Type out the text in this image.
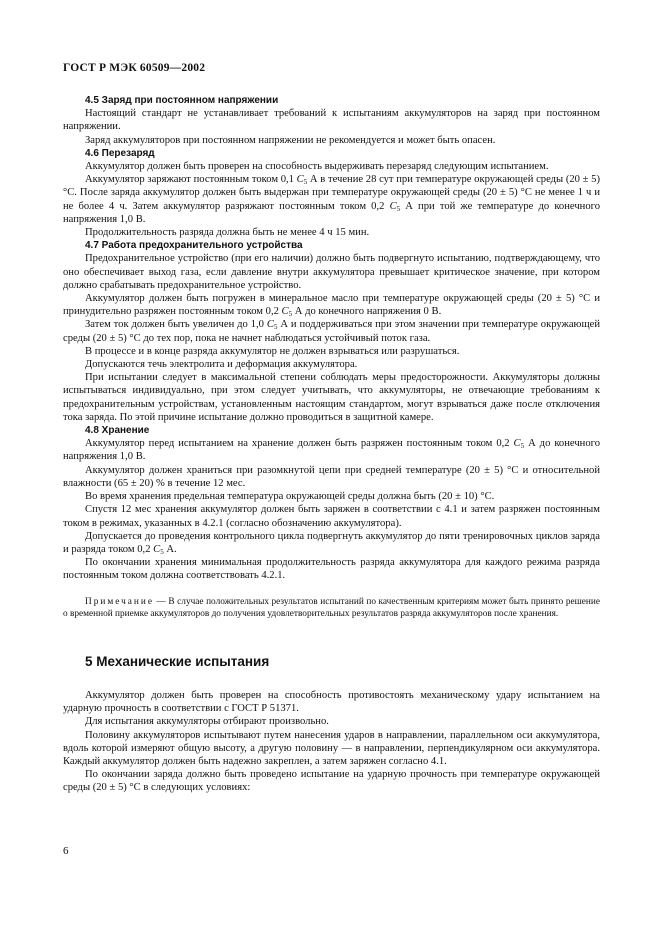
ГОСТ Р МЭК 60509—2002
4.5 Заряд при постоянном напряжении

Настоящий стандарт не устанавливает требований к испытаниям аккумуляторов на заряд при постоянном напряжении.

Заряд аккумуляторов при постоянном напряжении не рекомендуется и может быть опасен.

4.6 Перезаряд

Аккумулятор должен быть проверен на способность выдерживать перезаряд следующим испытанием.

Аккумулятор заряжают постоянным током 0,1 $C_5$ А в течение 28 сут при температуре окружающей среды (20 ± 5) °С. После заряда аккумулятор должен быть выдержан при температуре окружающей среды (20 ± 5) °С не менее 1 ч и не более 4 ч. Затем аккумулятор разряжают постоянным током 0,2 $C_5$ А при той же температуре до конечного напряжения 1,0 В.

Продолжительность разряда должна быть не менее 4 ч 15 мин.

4.7 Работа предохранительного устройства

Предохранительное устройство (при его наличии) должно быть подвергнуто испытанию, подтверждающему, что оно обеспечивает выход газа, если давление внутри аккумулятора превышает критическое значение, при котором должно срабатывать предохранительное устройство.

Аккумулятор должен быть погружен в минеральное масло при температуре окружающей среды (20 ± 5) °С и принудительно разряжен постоянным током 0,2 $C_5$ А до конечного напряжения 0 В.

Затем ток должен быть увеличен до 1,0 $C_5$ А и поддерживаться при этом значении при температуре окружающей среды (20 ± 5) °С до тех пор, пока не начнет наблюдаться устойчивый поток газа.

В процессе и в конце разряда аккумулятор не должен взрываться или разрушаться.

Допускаются течь электролита и деформация аккумулятора.

При испытании следует в максимальной степени соблюдать меры предосторожности. Аккумуляторы должны испытываться индивидуально, при этом следует учитывать, что аккумуляторы, не отвечающие требованиям к предохранительным устройствам, установленным настоящим стандартом, могут взрываться даже после отключения тока заряда. По этой причине испытание должно проводиться в защитной камере.

4.8 Хранение

Аккумулятор перед испытанием на хранение должен быть разряжен постоянным током 0,2 $C_5$ А до конечного напряжения 1,0 В.

Аккумулятор должен храниться при разомкнутой цепи при средней температуре (20 ± 5) °С и относительной влажности (65 ± 20) % в течение 12 мес.

Во время хранения предельная температура окружающей среды должна быть (20 ± 10) °С.

Спустя 12 мес хранения аккумулятор должен быть заряжен в соответствии с 4.1 и затем разряжен постоянным током в режимах, указанных в 4.2.1 (согласно обозначению аккумулятора).

Допускается до проведения контрольного цикла подвергнуть аккумулятор до пяти тренировочных циклов заряда и разряда током 0,2 $C_5$ А.

По окончании хранения минимальная продолжительность разряда аккумулятора для каждого режима разряда постоянным током должна соответствовать 4.2.1.

Примечание — В случае положительных результатов испытаний по качественным критериям может быть принято решение о временной приемке аккумуляторов до получения удовлетворительных результатов разряда аккумуляторов после хранения.

5 Механические испытания

Аккумулятор должен быть проверен на способность противостоять механическому удару испытанием на ударную прочность в соответствии с ГОСТ Р 51371.

Для испытания аккумуляторы отбирают произвольно.

Половину аккумуляторов испытывают путем нанесения ударов в направлении, параллельном оси аккумулятора, вдоль которой измеряют общую высоту, а другую половину — в направлении, перпендикулярном оси аккумулятора. Каждый аккумулятор должен быть надежно закреплен, а затем заряжен согласно 4.1.

По окончании заряда должно быть проведено испытание на ударную прочность при температуре окружающей среды (20 ± 5) °С в следующих условиях:

6
